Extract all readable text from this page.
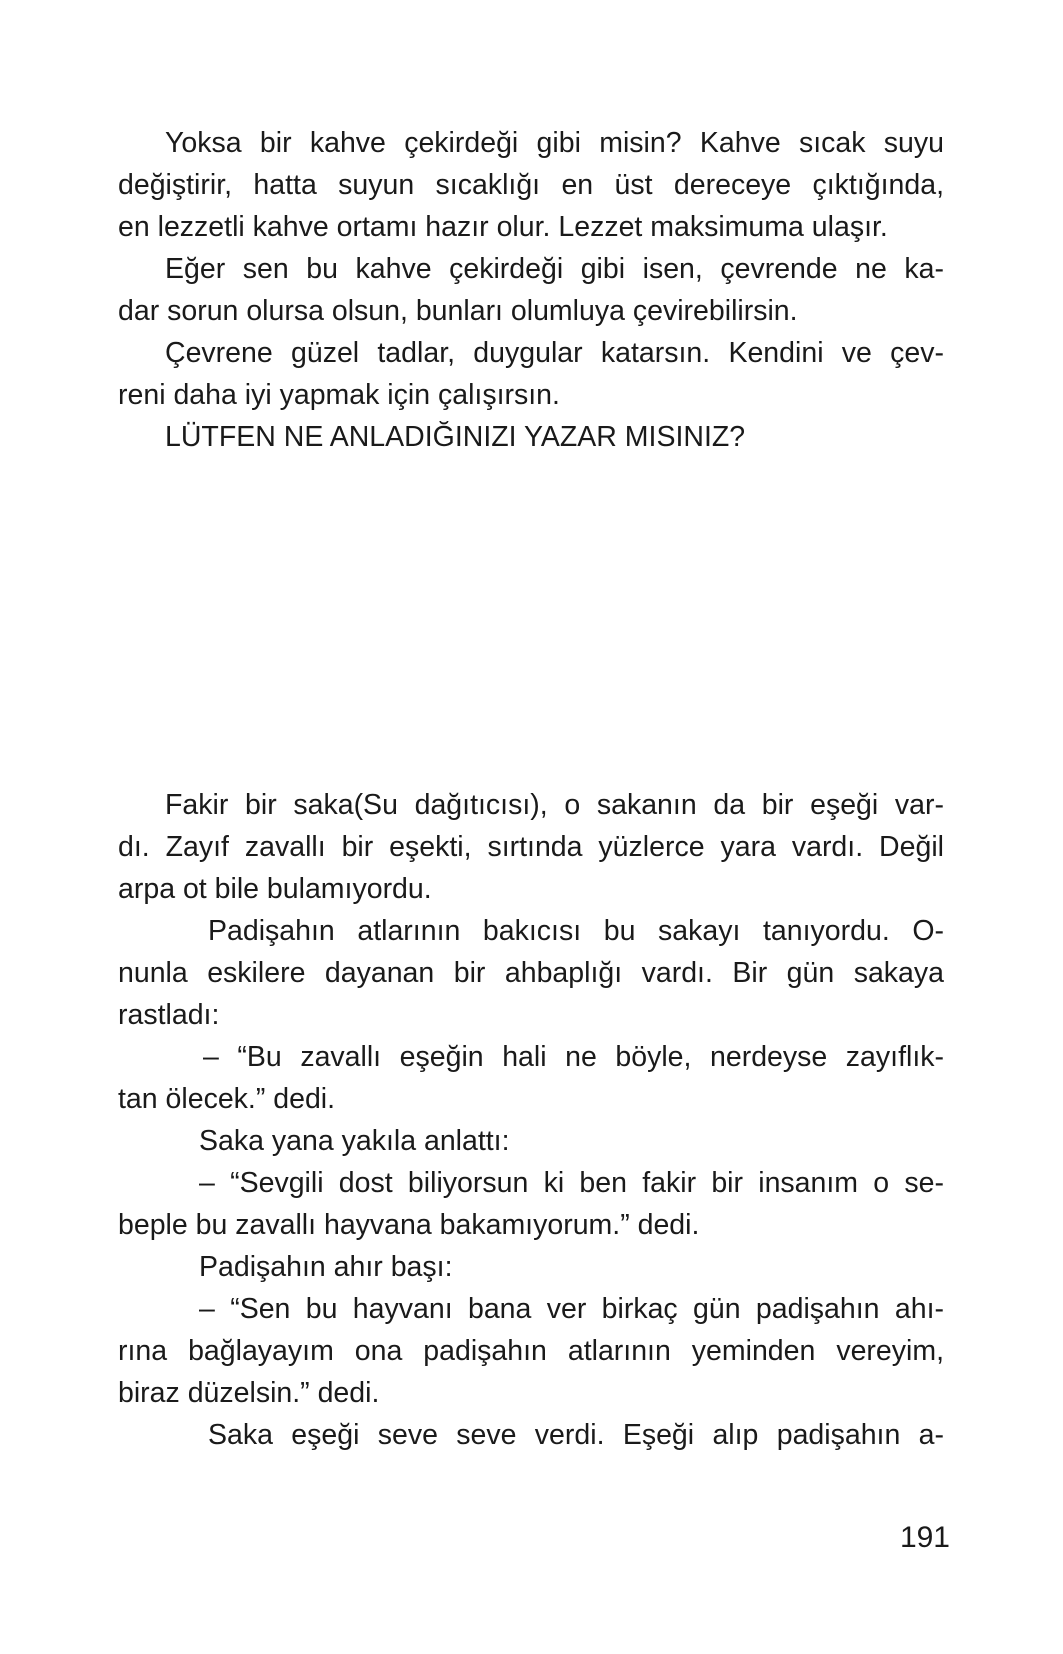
Yoksa bir kahve çekirdeği gibi misin? Kahve sıcak suyu
değiştirir, hatta suyun sıcaklığı en üst dereceye çıktığında,
en lezzetli kahve ortamı hazır olur. Lezzet maksimuma ulaşır.
Eğer sen bu kahve çekirdeği gibi isen, çevrende ne ka-
dar sorun olursa olsun, bunları olumluya çevirebilirsin.
Çevrene güzel tadlar, duygular katarsın. Kendini ve çev-
reni daha iyi yapmak için çalışırsın.
LÜTFEN NE ANLADIĞINIZI YAZAR MISINIZ?
Fakir bir saka(Su dağıtıcısı), o sakanın da bir eşeği var-
dı. Zayıf zavallı bir eşekti, sırtında yüzlerce yara vardı. Değil
arpa ot bile bulamıyordu.
Padişahın atlarının bakıcısı bu sakayı tanıyordu. O-
nunla eskilere dayanan bir ahbaplığı vardı. Bir gün sakaya
rastladı:
– “Bu zavallı eşeğin hali ne böyle, nerdeyse zayıflık-
tan ölecek.” dedi.
Saka yana yakıla anlattı:
– “Sevgili dost biliyorsun ki ben fakir bir insanım o se-
beple bu zavallı hayvana bakamıyorum.” dedi.
Padişahın ahır başı:
– “Sen bu hayvanı bana ver birkaç gün padişahın ahı-
rına bağlayayım ona padişahın atlarının yeminden vereyim,
biraz düzelsin.” dedi.
Saka eşeği seve seve verdi. Eşeği alıp padişahın a-
191
